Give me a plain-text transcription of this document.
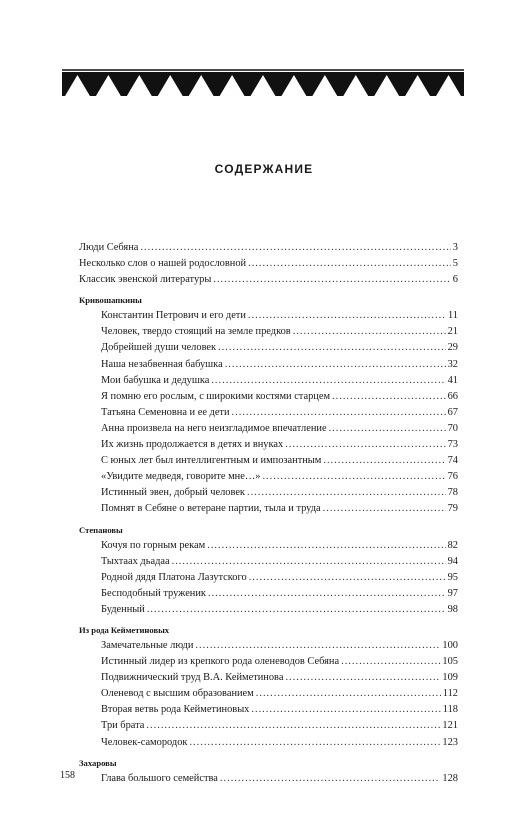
СОДЕРЖАНИЕ
Люди Себяна .....	3
Несколько слов о нашей родословной .....	5
Классик эвенской литературы .....	6
Кривошапкины
Константин Петрович и его дети .....	11
Человек, твердо стоящий на земле предков .....	21
Добрейшей души человек .....	29
Наша незабвенная бабушка .....	32
Мои бабушка и дедушка .....	41
Я помню его рослым, с широкими костями старцем .....	66
Татьяна Семеновна и ее дети .....	67
Анна произвела на него неизгладимое впечатление .....	70
Их жизнь продолжается в детях и внуках .....	73
С юных лет был интеллигентным и импозантным .....	74
«Увидите медведя, говорите мне…» .....	76
Истинный эвен, добрый человек .....	78
Помнят в Себяне о ветеране партии, тыла и труда .....	79
Степановы
Кочуя по горным рекам .....	82
Тыхтаах дьадаа .....	94
Родной дядя Платона Лазутского .....	95
Бесподобный труженик .....	97
Буденный .....	98
Из рода Кейметиновых
Замечательные люди .....	100
Истинный лидер из крепкого рода оленеводов Себяна .....	105
Подвижнический труд В.А. Кейметинова .....	109
Оленевод с высшим образованием .....	112
Вторая ветвь рода Кейметиновых .....	118
Три брата .....	121
Человек-самородок .....	123
Захаровы
Глава большого семейства .....	128
158
